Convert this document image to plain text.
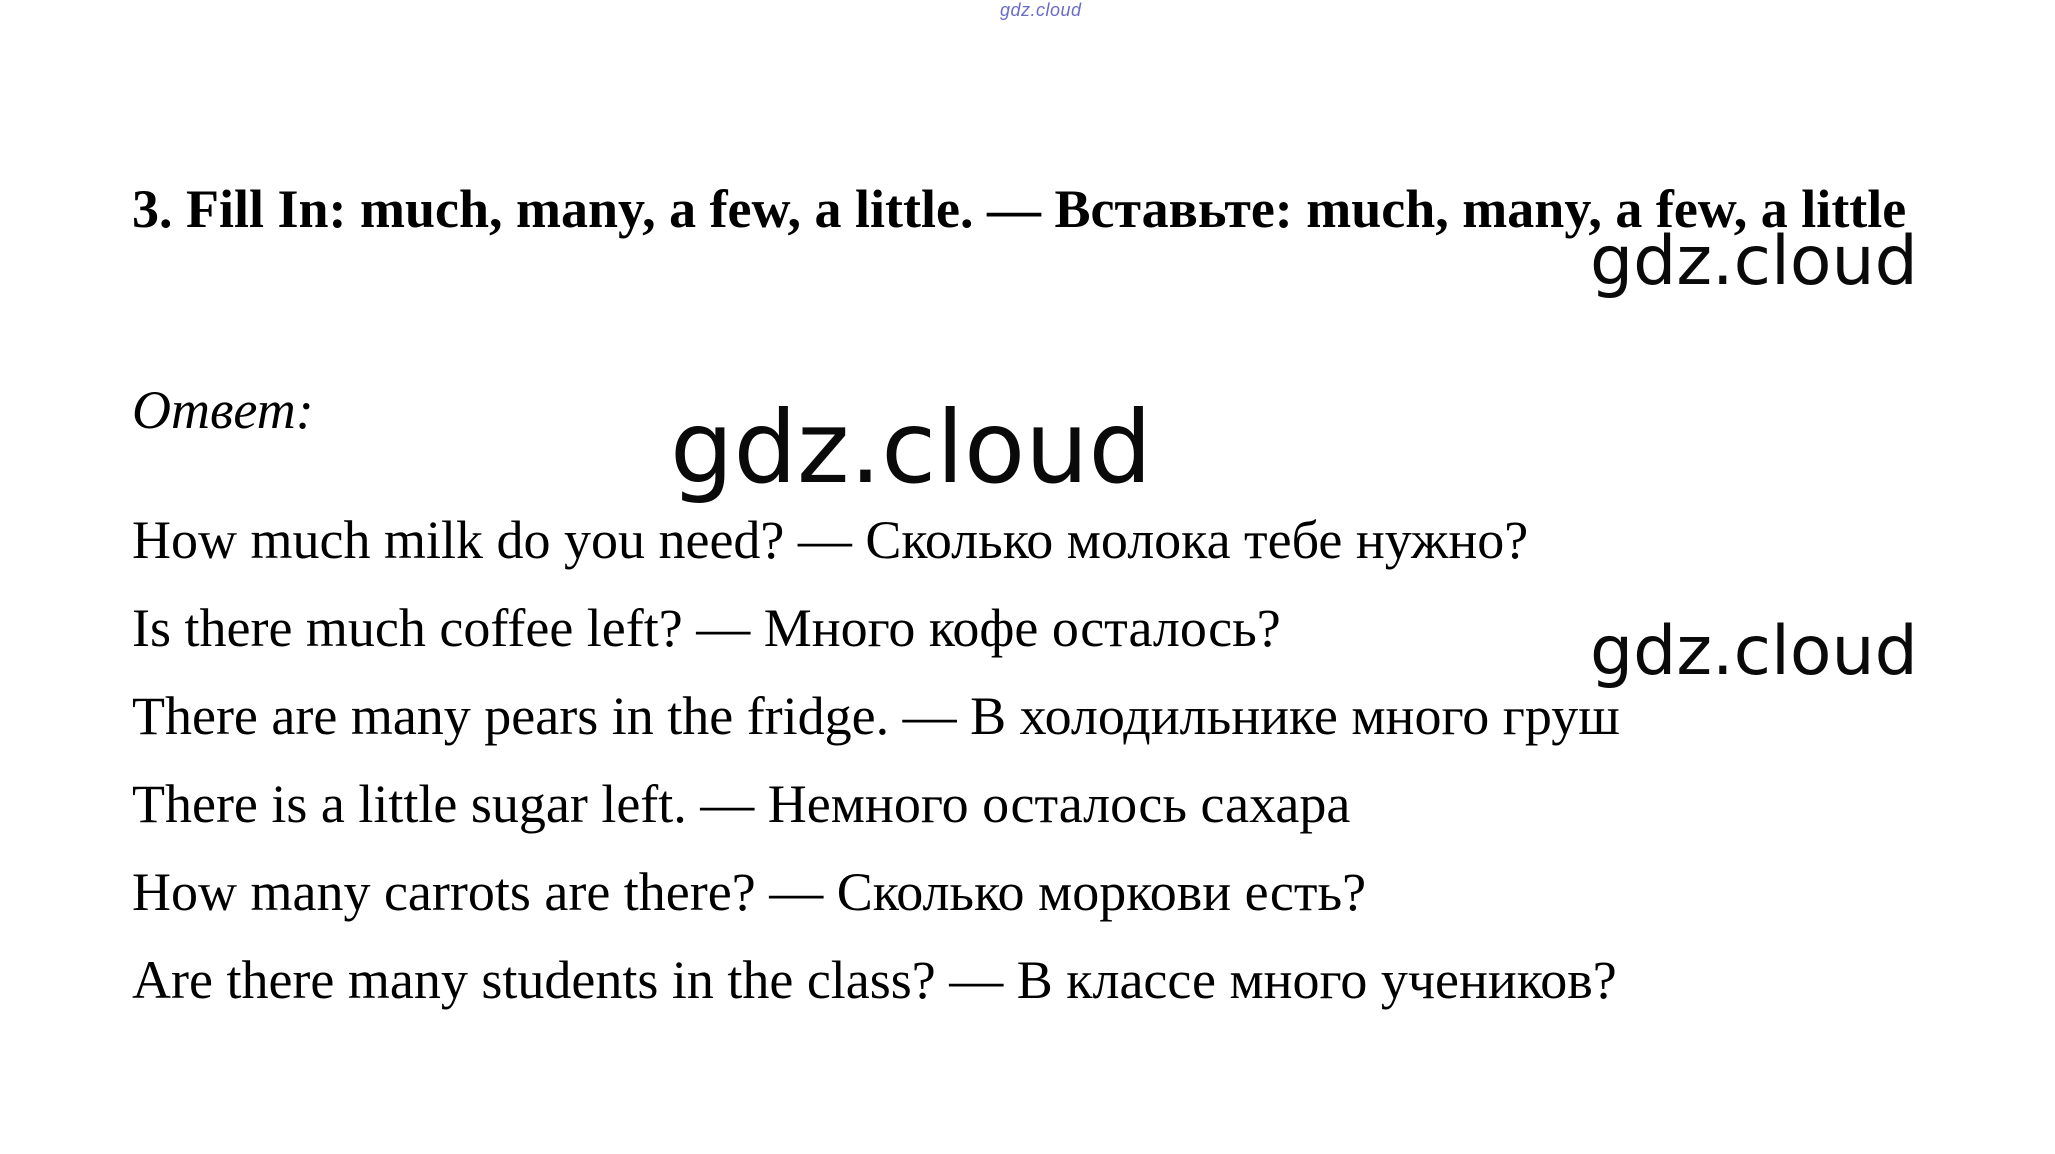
gdz.cloud
3. Fill In: much, many, a few, a little. — Вставьте: much, many, a few, a little
Ответ:
How much milk do you need? — Сколько молока тебе нужно?
Is there much coffee left? — Много кофе осталось?
There are many pears in the fridge. — В холодильнике много груш
There is a little sugar left. — Немного осталось сахара
How many carrots are there? — Сколько моркови есть?
Are there many students in the class? — В классе много учеников?
gdz.cloud
gdz.cloud
gdz.cloud
